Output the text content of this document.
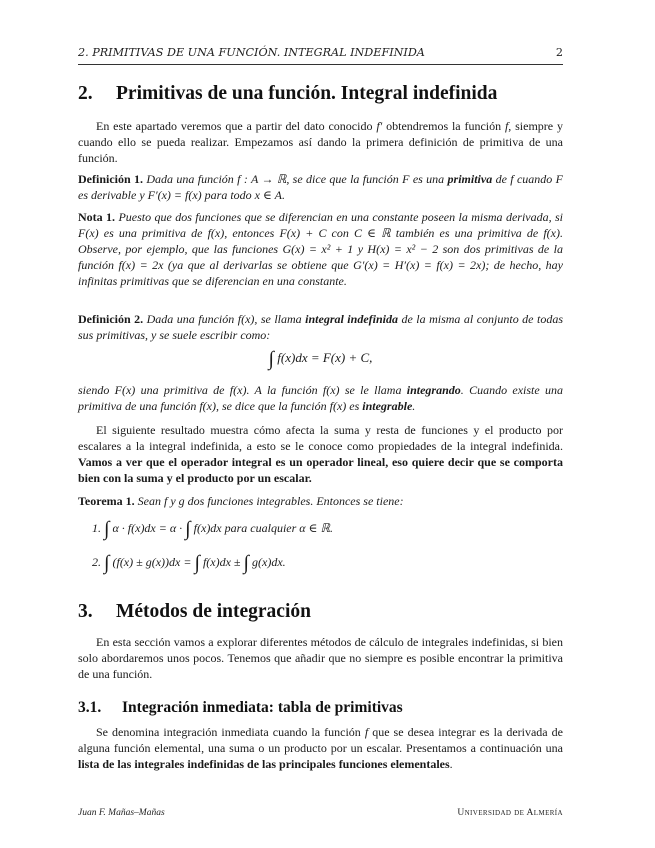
2. PRIMITIVAS DE UNA FUNCIÓN. INTEGRAL INDEFINIDA	2
2. Primitivas de una función. Integral indefinida
En este apartado veremos que a partir del dato conocido f′ obtendremos la función f, siempre y cuando ello se pueda realizar. Empezamos así dando la primera definición de primitiva de una función.
Definición 1. Dada una función f : A → ℝ, se dice que la función F es una primitiva de f cuando F es derivable y F′(x) = f(x) para todo x ∈ A.
Nota 1. Puesto que dos funciones que se diferencian en una constante poseen la misma derivada, si F(x) es una primitiva de f(x), entonces F(x) + C con C ∈ ℝ también es una primitiva de f(x). Observe, por ejemplo, que las funciones G(x) = x² + 1 y H(x) = x² − 2 son dos primitivas de la función f(x) = 2x (ya que al derivarlas se obtiene que G′(x) = H′(x) = f(x) = 2x); de hecho, hay infinitas primitivas que se diferencian en una constante.
Definición 2. Dada una función f(x), se llama integral indefinida de la misma al conjunto de todas sus primitivas, y se suele escribir como:
∫ f(x)dx = F(x) + C,
siendo F(x) una primitiva de f(x). A la función f(x) se le llama integrando. Cuando existe una primitiva de una función f(x), se dice que la función f(x) es integrable.
El siguiente resultado muestra cómo afecta la suma y resta de funciones y el producto por escalares a la integral indefinida, a esto se le conoce como propiedades de la integral indefinida. Vamos a ver que el operador integral es un operador lineal, eso quiere decir que se comporta bien con la suma y el producto por un escalar.
Teorema 1. Sean f y g dos funciones integrables. Entonces se tiene:
1. ∫ α · f(x)dx = α · ∫ f(x)dx para cualquier α ∈ ℝ.
2. ∫ (f(x) ± g(x))dx = ∫ f(x)dx ± ∫ g(x)dx.
3. Métodos de integración
En esta sección vamos a explorar diferentes métodos de cálculo de integrales indefinidas, si bien solo abordaremos unos pocos. Tenemos que añadir que no siempre es posible encontrar la primitiva de una función.
3.1. Integración inmediata: tabla de primitivas
Se denomina integración inmediata cuando la función f que se desea integrar es la derivada de alguna función elemental, una suma o un producto por un escalar. Presentamos a continuación una lista de las integrales indefinidas de las principales funciones elementales.
Juan F. Mañas–Mañas	Universidad de Almería
